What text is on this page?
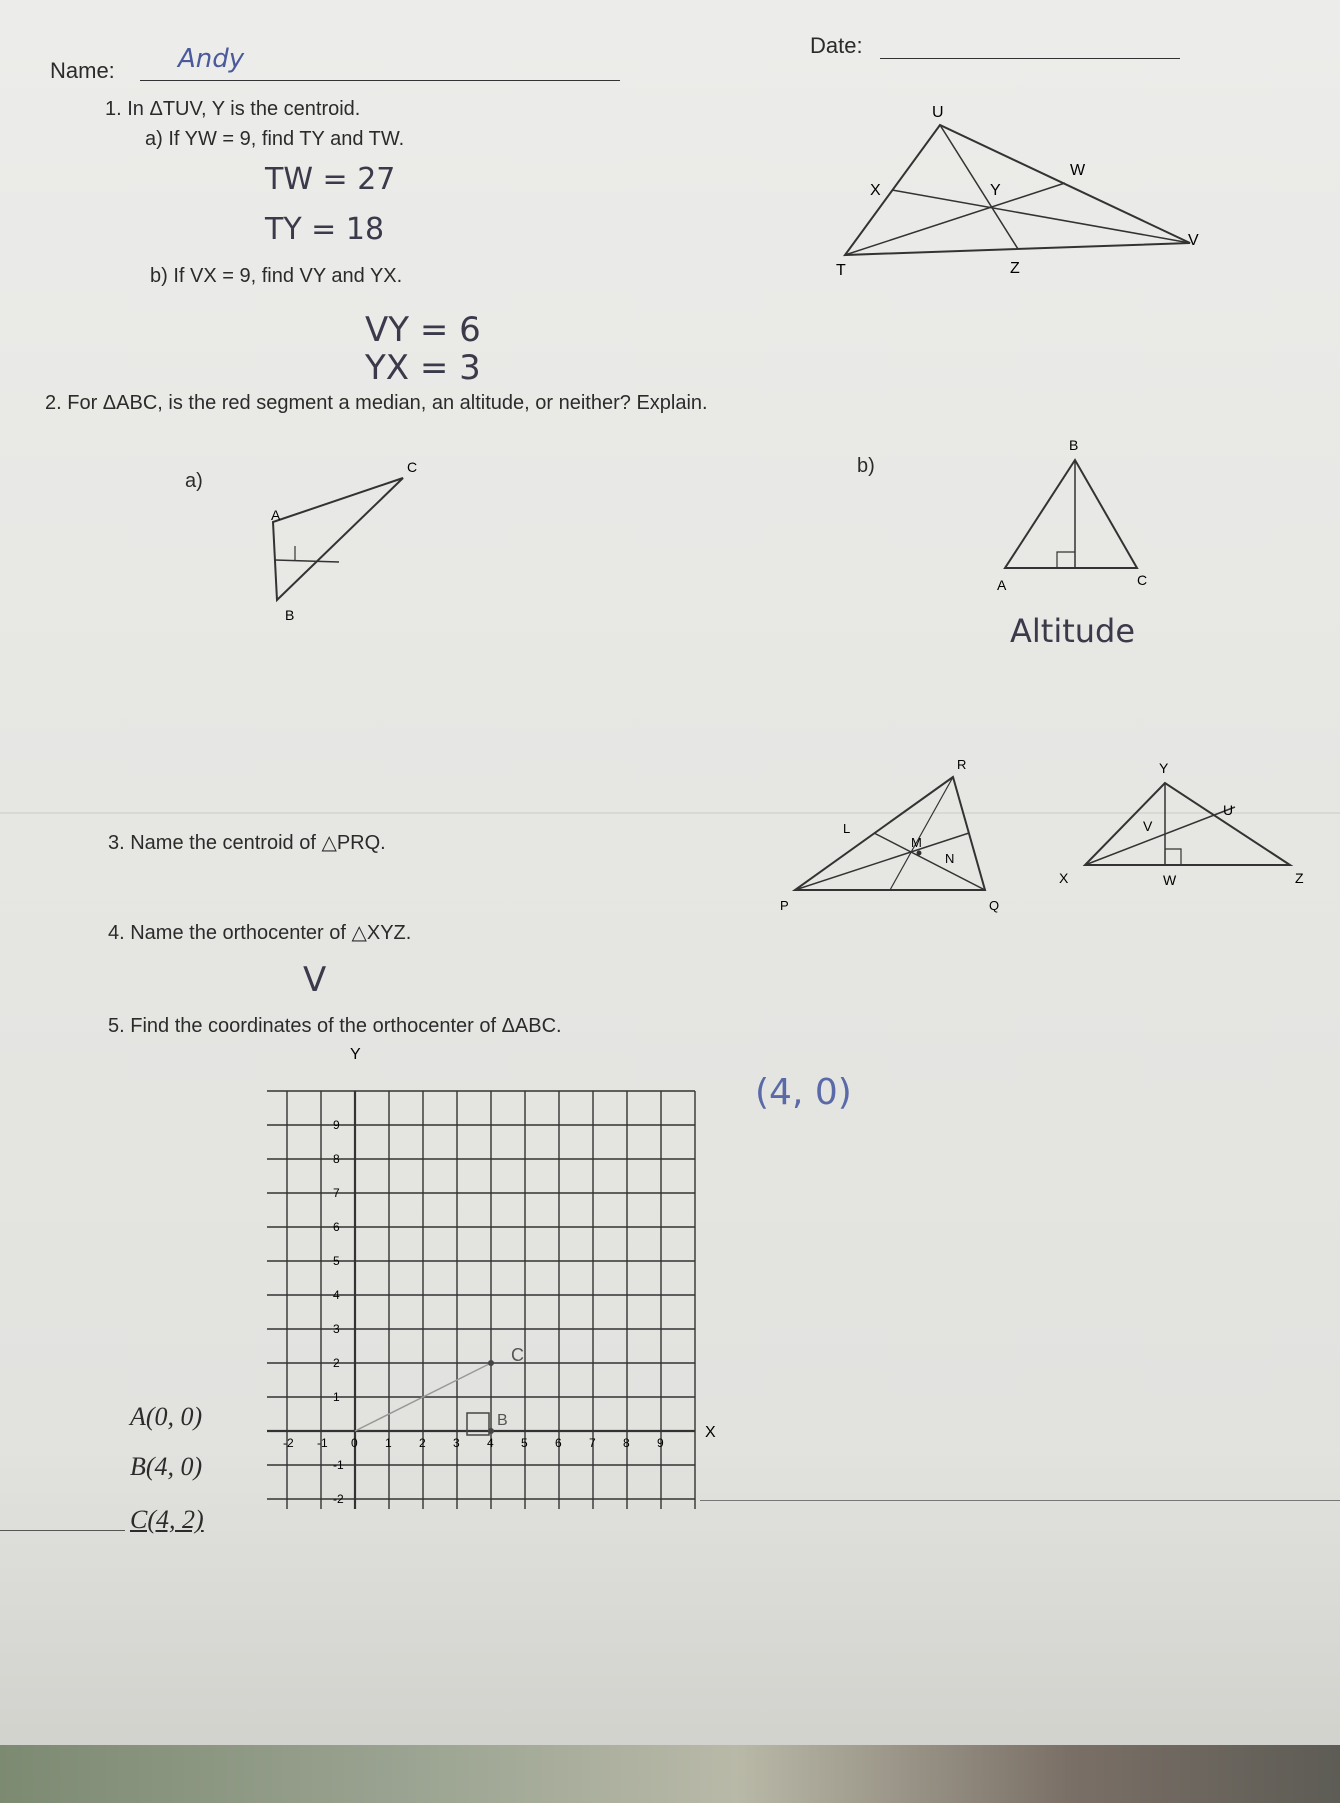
Name: Andy	Date:
1. In ΔTUV, Y is the centroid.
a) If YW = 9, find TY and TW.
TW = 27
TY = 18
b) If VX = 9, find VY and YX.
VY = 6
YX = 3
U
W
X	Y
V
T	Z
2. For ΔABC, is the red segment a median, an altitude, or neither? Explain.
a)
b)
C
A
B
B
A	C
Altitude
3. Name the centroid of △PRQ.
R
L
M
N
P	Q
4. Name the orthocenter of △XYZ.
V
Y
U
V
X	W	Z
5. Find the coordinates of the orthocenter of ΔABC.
(4, 0)
A(0, 0)
B(4, 0)
C(4, 2)
Y
X
-2 -1 0 1 2 3 4 5 6 7 8 9
9
8
7
6
5
4
3
2
1
-1
-2
B
C
